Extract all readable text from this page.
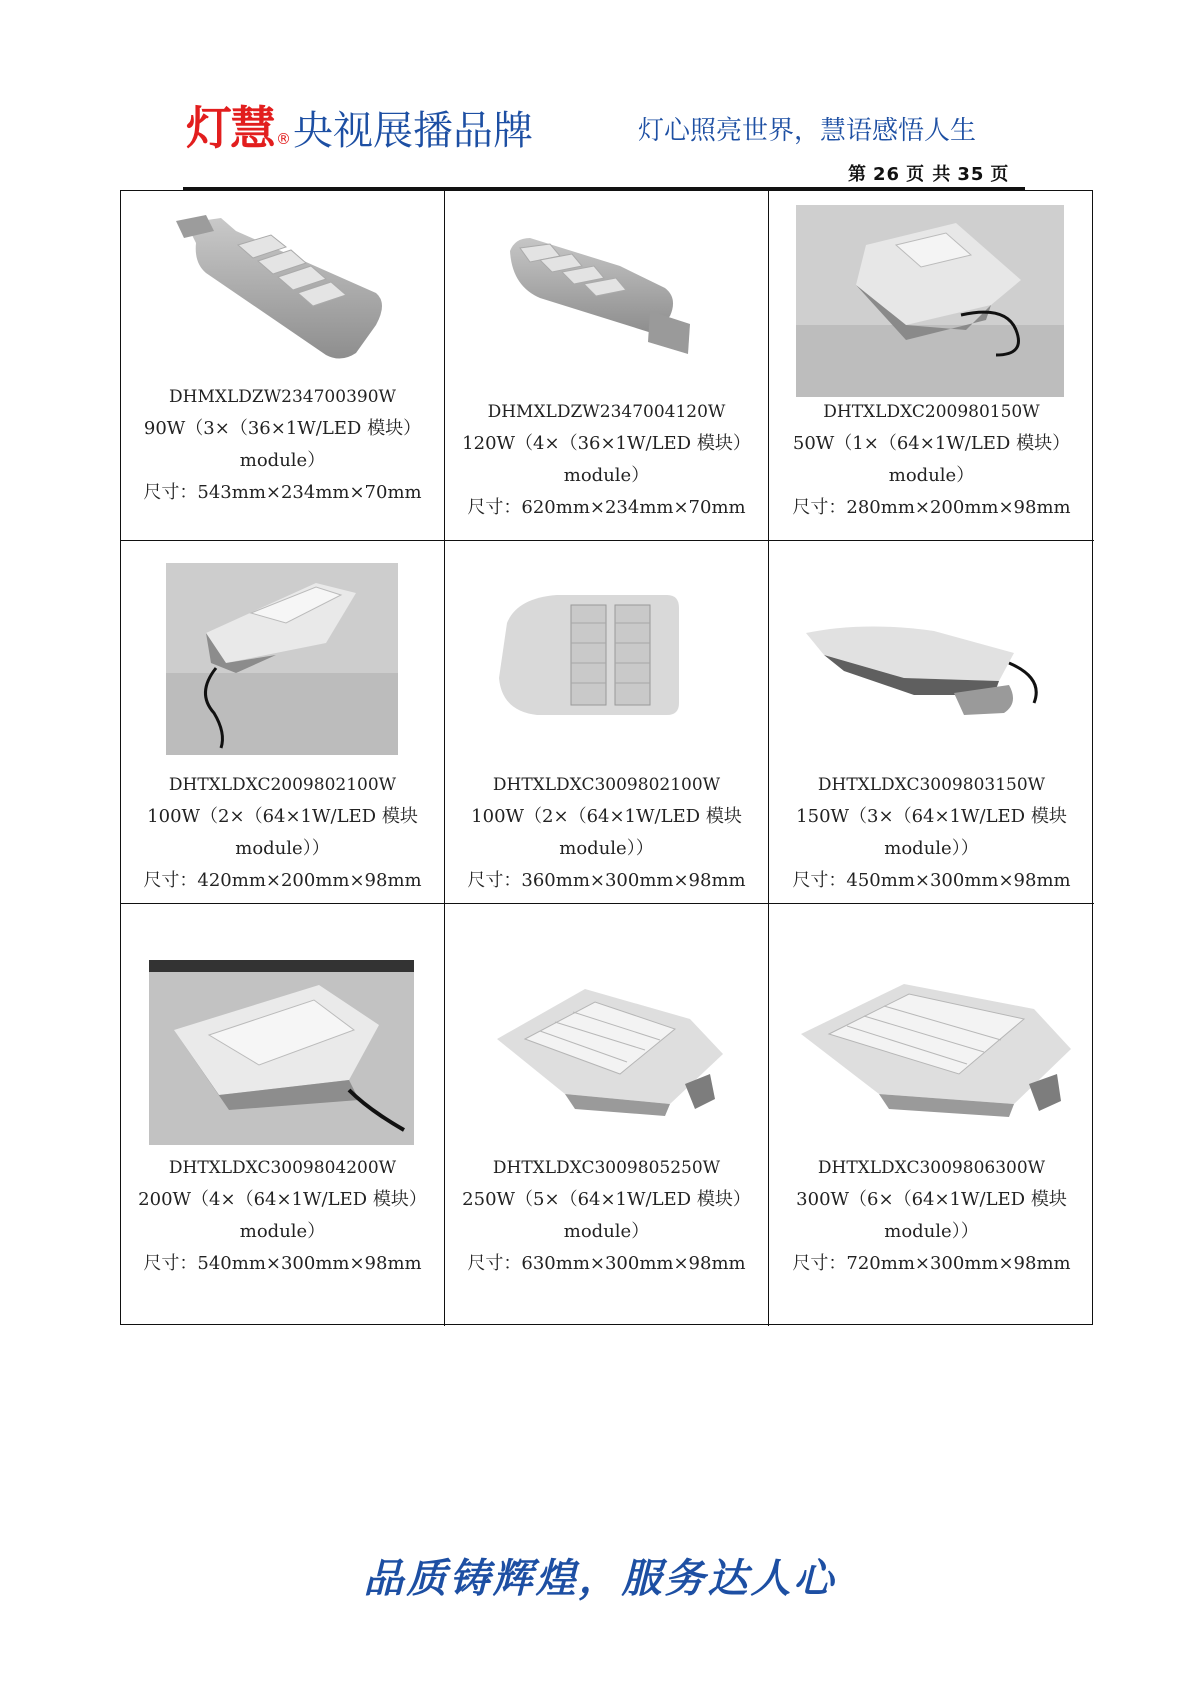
灯慧 ® 央视展播品牌	灯心照亮世界，慧语感悟人生
第 26 页 共 35 页
DHMXLDZW234700390W
90W（3×（36×1W/LED 模块）
module）
尺寸：543mm×234mm×70mm
DHMXLDZW2347004120W
120W（4×（36×1W/LED 模块）
module）
尺寸：620mm×234mm×70mm
DHTXLDXC200980150W
50W（1×（64×1W/LED 模块）
module）
尺寸：280mm×200mm×98mm
DHTXLDXC2009802100W
100W（2×（64×1W/LED 模块
module））
尺寸：420mm×200mm×98mm
DHTXLDXC3009802100W
100W（2×（64×1W/LED 模块
module））
尺寸：360mm×300mm×98mm
DHTXLDXC3009803150W
150W（3×（64×1W/LED 模块
module））
尺寸：450mm×300mm×98mm
DHTXLDXC3009804200W
200W（4×（64×1W/LED 模块）
module）
尺寸：540mm×300mm×98mm
DHTXLDXC3009805250W
250W（5×（64×1W/LED 模块）
module）
尺寸：630mm×300mm×98mm
DHTXLDXC3009806300W
300W（6×（64×1W/LED 模块
module））
尺寸：720mm×300mm×98mm
品质铸辉煌，服务达人心
